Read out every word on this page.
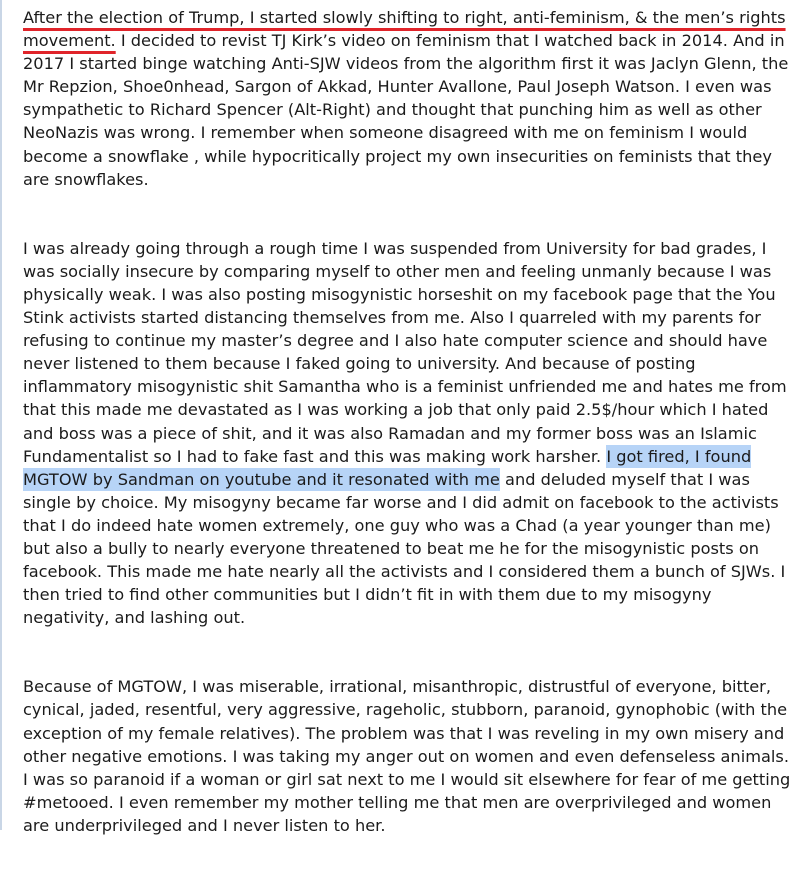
After the election of Trump, I started slowly shifting to right, anti-feminism, & the men’s rights movement. I decided to revist TJ Kirk’s video on feminism that I watched back in 2014. And in 2017 I started binge watching Anti-SJW videos from the algorithm first it was Jaclyn Glenn, the Mr Repzion, Shoe0nhead, Sargon of Akkad, Hunter Avallone, Paul Joseph Watson. I even was sympathetic to Richard Spencer (Alt-Right) and thought that punching him as well as other NeoNazis was wrong. I remember when someone disagreed with me on feminism I would become a snowflake , while hypocritically project my own insecurities on feminists that they are snowflakes.

I was already going through a rough time I was suspended from University for bad grades, I was socially insecure by comparing myself to other men and feeling unmanly because I was physically weak. I was also posting misogynistic horseshit on my facebook page that the You Stink activists started distancing themselves from me. Also I quarreled with my parents for refusing to continue my master’s degree and I also hate computer science and should have never listened to them because I faked going to university. And because of posting inflammatory misogynistic shit Samantha who is a feminist unfriended me and hates me from that this made me devastated as I was working a job that only paid 2.5$/hour which I hated and boss was a piece of shit, and it was also Ramadan and my former boss was an Islamic Fundamentalist so I had to fake fast and this was making work harsher. I got fired, I found MGTOW by Sandman on youtube and it resonated with me and deluded myself that I was single by choice. My misogyny became far worse and I did admit on facebook to the activists that I do indeed hate women extremely, one guy who was a Chad (a year younger than me) but also a bully to nearly everyone threatened to beat me he for the misogynistic posts on facebook. This made me hate nearly all the activists and I considered them a bunch of SJWs. I then tried to find other communities but I didn’t fit in with them due to my misogyny negativity, and lashing out.

Because of MGTOW, I was miserable, irrational, misanthropic, distrustful of everyone, bitter, cynical, jaded, resentful, very aggressive, rageholic, stubborn, paranoid, gynophobic (with the exception of my female relatives). The problem was that I was reveling in my own misery and other negative emotions. I was taking my anger out on women and even defenseless animals. I was so paranoid if a woman or girl sat next to me I would sit elsewhere for fear of me getting #metooed. I even remember my mother telling me that men are overprivileged and women are underprivileged and I never listen to her.
